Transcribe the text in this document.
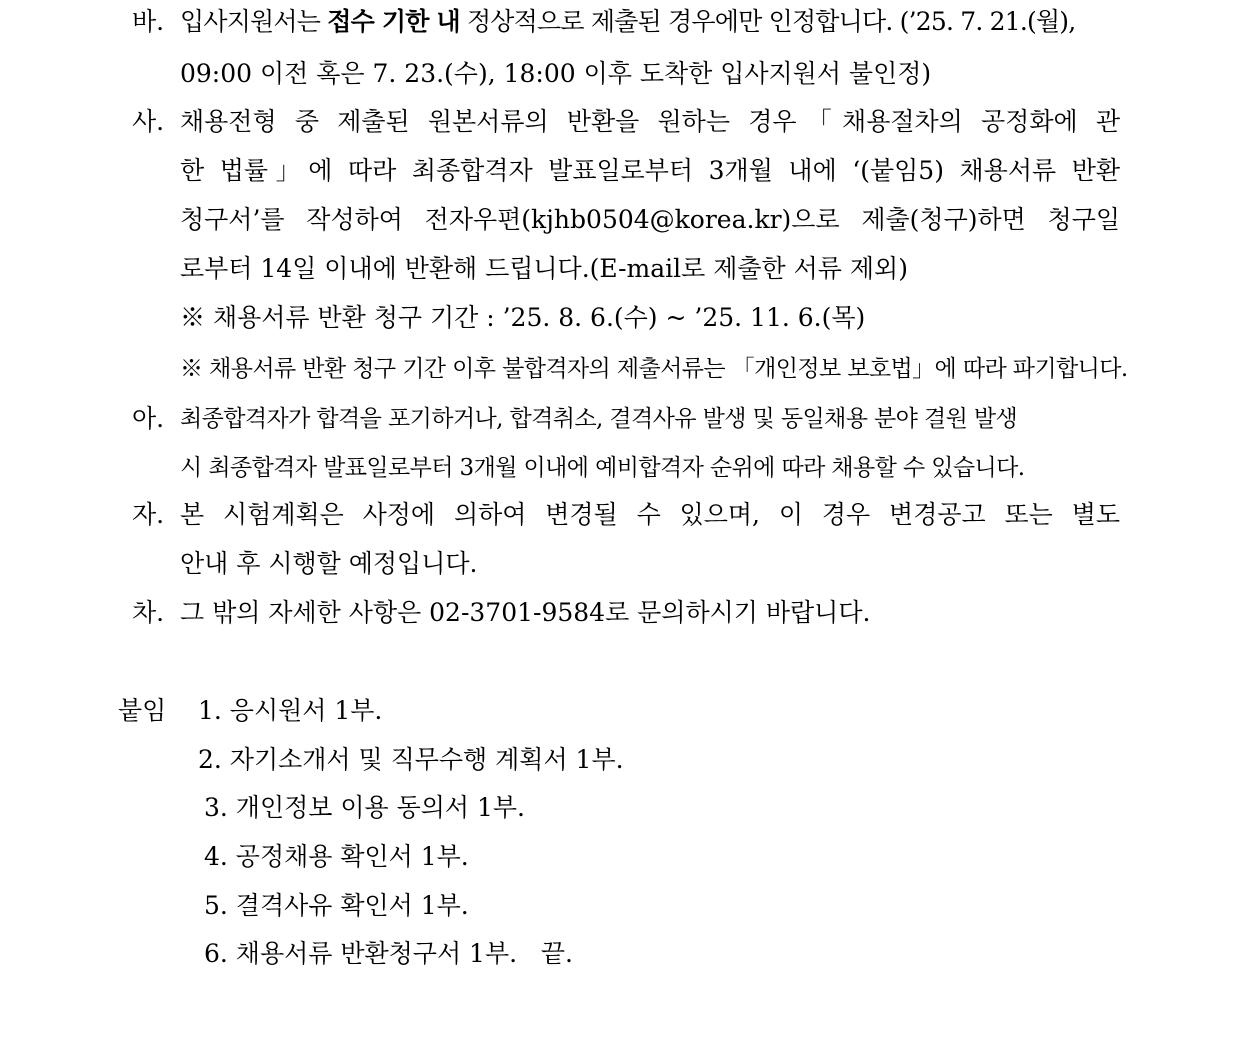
바. 입사지원서는 접수 기한 내 정상적으로 제출된 경우에만 인정합니다. (’25. 7. 21.(월),
09:00 이전 혹은 7. 23.(수), 18:00 이후 도착한 입사지원서 불인정)
사. 채용전형 중 제출된 원본서류의 반환을 원하는 경우「채용절차의 공정화에 관
한 법률」에 따라 최종합격자 발표일로부터 3개월 내에 ‘(붙임5) 채용서류 반환
청구서’를 작성하여 전자우편(kjhb0504@korea.kr)으로 제출(청구)하면 청구일
로부터 14일 이내에 반환해 드립니다.(E-mail로 제출한 서류 제외)
※ 채용서류 반환 청구 기간 : ’25. 8. 6.(수) ~ ’25. 11. 6.(목)
※ 채용서류 반환 청구 기간 이후 불합격자의 제출서류는 「개인정보 보호법」에 따라 파기합니다.
아. 최종합격자가 합격을 포기하거나, 합격취소, 결격사유 발생 및 동일채용 분야 결원 발생
시 최종합격자 발표일로부터 3개월 이내에 예비합격자 순위에 따라 채용할 수 있습니다.
자. 본 시험계획은 사정에 의하여 변경될 수 있으며, 이 경우 변경공고 또는 별도
안내 후 시행할 예정입니다.
차. 그 밖의 자세한 사항은 02-3701-9584로 문의하시기 바랍니다.
붙임 1. 응시원서 1부.
2. 자기소개서 및 직무수행 계획서 1부.
3. 개인정보 이용 동의서 1부.
4. 공정채용 확인서 1부.
5. 결격사유 확인서 1부.
6. 채용서류 반환청구서 1부.   끝.
